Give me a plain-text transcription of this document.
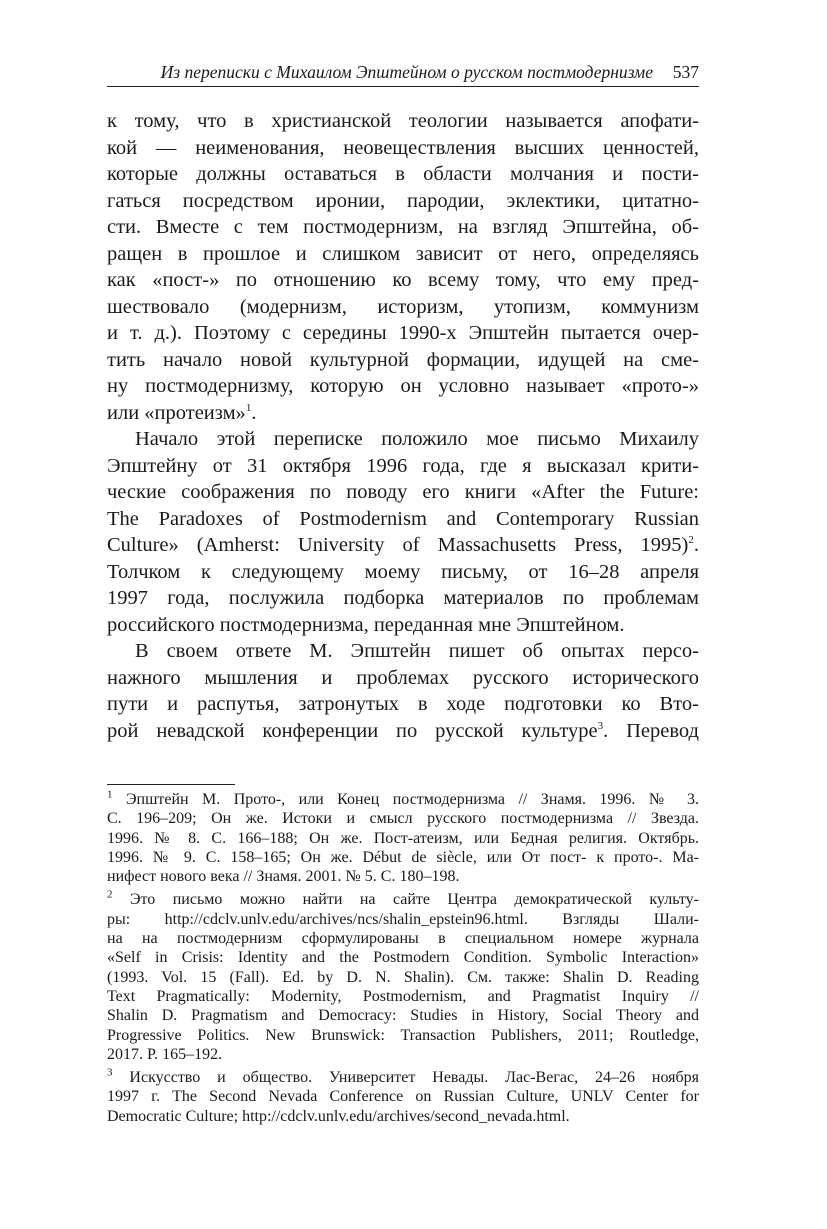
Из переписки с Михаилом Эпштейном о русском постмодернизме 537
к тому, что в христианской теологии называется апофати-
кой — неименования, неовеществления высших ценностей,
которые должны оставаться в области молчания и пости-
гаться посредством иронии, пародии, эклектики, цитатно-
сти. Вместе с тем постмодернизм, на взгляд Эпштейна, об-
ращен в прошлое и слишком зависит от него, определяясь
как «пост-» по отношению ко всему тому, что ему пред-
шествовало (модернизм, историзм, утопизм, коммунизм
и т. д.). Поэтому с середины 1990-х Эпштейн пытается очер-
тить начало новой культурной формации, идущей на сме-
ну постмодернизму, которую он условно называет «прото-»
или «протеизм»$^1$.
Начало этой переписке положило мое письмо Михаилу
Эпштейну от 31 октября 1996 года, где я высказал крити-
ческие соображения по поводу его книги «After the Future:
The Paradoxes of Postmodernism and Contemporary Russian
Culture» (Amherst: University of Massachusetts Press, 1995)$^2$.
Толчком к следующему моему письму, от 16–28 апреля
1997 года, послужила подборка материалов по проблемам
российского постмодернизма, переданная мне Эпштейном.
В своем ответе М. Эпштейн пишет об опытах персо-
нажного мышления и проблемах русского исторического
пути и распутья, затронутых в ходе подготовки ко Вто-
рой невадской конференции по русской культуре$^3$. Перевод
$^1$ Эпштейн М. Прото-, или Конец постмодернизма // Знамя. 1996. № 3.
С. 196–209; Он же. Истоки и смысл русского постмодернизма // Звезда.
1996. № 8. С. 166–188; Он же. Пост-атеизм, или Бедная религия. Октябрь.
1996. № 9. С. 158–165; Он же. Début de siècle, или От пост- к прото-. Ма-
нифест нового века // Знамя. 2001. № 5. С. 180–198.
$^2$ Это письмо можно найти на сайте Центра демократической культу-
ры: http://cdclv.unlv.edu/archives/ncs/shalin_epstein96.html. Взгляды Шали-
на на постмодернизм сформулированы в специальном номере журнала
«Self in Crisis: Identity and the Postmodern Condition. Symbolic Interaction»
(1993. Vol. 15 (Fall). Ed. by D. N. Shalin). См. также: Shalin D. Reading
Text Pragmatically: Modernity, Postmodernism, and Pragmatist Inquiry //
Shalin D. Pragmatism and Democracy: Studies in History, Social Theory and
Progressive Politics. New Brunswick: Transaction Publishers, 2011; Routledge,
2017. P. 165–192.
$^3$ Искусство и общество. Университет Невады. Лас-Вегас, 24–26 ноября
1997 г. The Second Nevada Conference on Russian Culture, UNLV Center for
Democratic Culture; http://cdclv.unlv.edu/archives/second_nevada.html.
